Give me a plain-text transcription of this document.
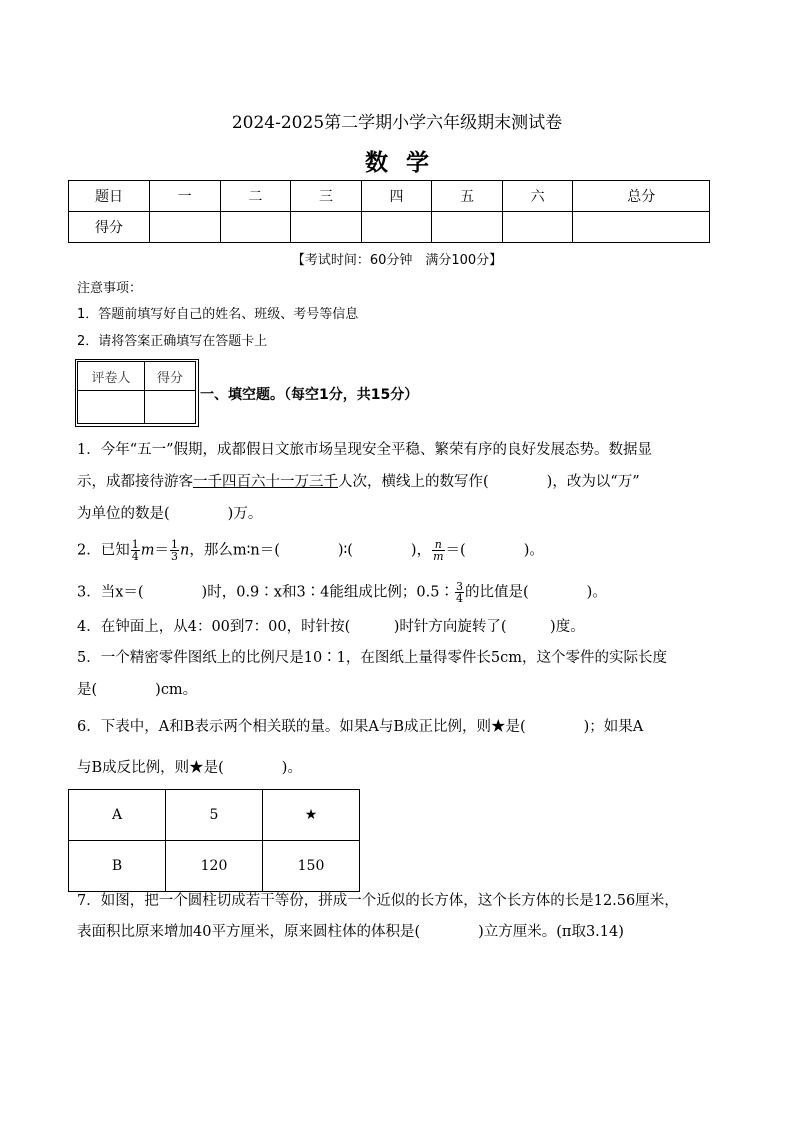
2024-2025第二学期小学六年级期末测试卷
数学
题日	一	二	三	四	五	六	总分
得分							
【考试时间：60分钟　满分100分】
注意事项：
1．答题前填写好自己的姓名、班级、考号等信息
2．请将答案正确填写在答题卡上
评卷人	得分

一、填空题。（每空1分，共15分）
1．今年“五一”假期，成都假日文旅市场呈现安全平稳、繁荣有序的良好发展态势。数据显
示，成都接待游客一千四百六十一万三千人次，横线上的数写作(　　　　)，改为以“万”
为单位的数是(　　　　)万。
2．已知 $\frac{1}{4} m= \frac{1}{3}$ n，那么m∶n＝(　　　　)∶(　　　　)， $\frac{n}{m}$ ＝(　　　　)。
3．当x＝(　　　　)时，0.9∶x和3∶4能组成比例；0.5∶ $\frac{3}{4}$ 的比值是(　　　　)。
4．在钟面上，从4：00到7：00，时针按(　　　)时针方向旋转了(　　　)度。
5．一个精密零件图纸上的比例尺是10∶1，在图纸上量得零件长5cm，这个零件的实际长度
是(　　　　)cm。
6．下表中，A和B表示两个相关联的量。如果A与B成正比例，则★是(　　　　)；如果A
与B成反比例，则★是(　　　　)。
A	5	★
B	120	150
7．如图，把一个圆柱切成若干等份，拼成一个近似的长方体，这个长方体的长是12.56厘米，
表面积比原来增加40平方厘米，原来圆柱体的体积是(　　　　)立方厘米。(π取3.14)
